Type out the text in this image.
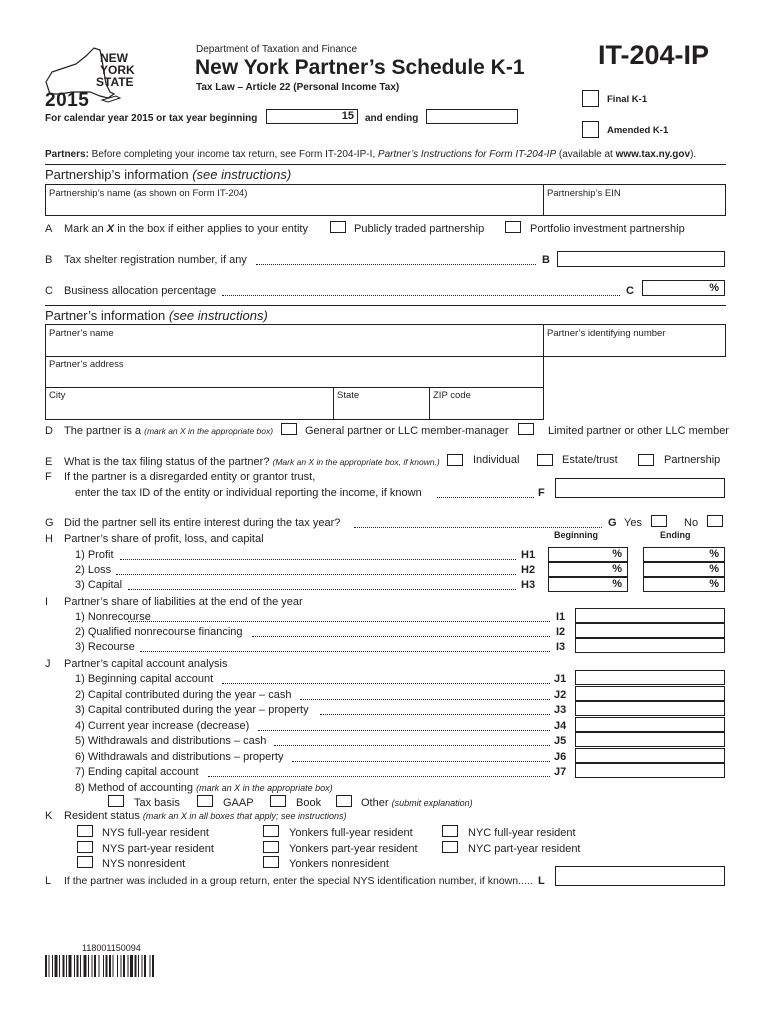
NEW
YORK
STATE
2015
Department of Taxation and Finance
New York Partner’s Schedule K-1
Tax Law – Article 22 (Personal Income Tax)
IT-204-IP
Final K-1
Amended K-1
For calendar year 2015 or tax year beginning	15 and ending
Partners: Before completing your income tax return, see Form IT-204-IP-I, Partner’s Instructions for Form IT-204-IP (available at www.tax.ny.gov).
Partnership’s information (see instructions)
Partnership’s name (as shown on Form IT-204)	Partnership’s EIN
A Mark an X in the box if either applies to your entity	Publicly traded partnership	Portfolio investment partnership
B Tax shelter registration number, if any	B
C Business allocation percentage	C	%
Partner’s information (see instructions)
Partner’s name	Partner’s identifying number
Partner’s address
City	State	ZIP code
D The partner is a (mark an X in the appropriate box)	General partner or LLC member-manager	Limited partner or other LLC member
E What is the tax filing status of the partner? (Mark an X in the appropriate box, if known.)	Individual	Estate/trust	Partnership
F If the partner is a disregarded entity or grantor trust,
enter the tax ID of the entity or individual reporting the income, if known	F
G Did the partner sell its entire interest during the tax year?	G Yes	No
H Partner’s share of profit, loss, and capital	Beginning	Ending
1) Profit	H1	%	%
2) Loss	H2	%	%
3) Capital	H3	%	%
I Partner’s share of liabilities at the end of the year
1) Nonrecourse	I1
2) Qualified nonrecourse financing	I2
3) Recourse	I3
J Partner’s capital account analysis
1) Beginning capital account	J1
2) Capital contributed during the year – cash	J2
3) Capital contributed during the year – property	J3
4) Current year increase (decrease)	J4
5) Withdrawals and distributions – cash	J5
6) Withdrawals and distributions – property	J6
7) Ending capital account	J7
8) Method of accounting (mark an X in the appropriate box)
Tax basis	GAAP	Book	Other (submit explanation)
K Resident status (mark an X in all boxes that apply; see instructions)
NYS full-year resident	Yonkers full-year resident	NYC full-year resident
NYS part-year resident	Yonkers part-year resident	NYC part-year resident
NYS nonresident	Yonkers nonresident
L If the partner was included in a group return, enter the special NYS identification number, if known..... L
118001150094
